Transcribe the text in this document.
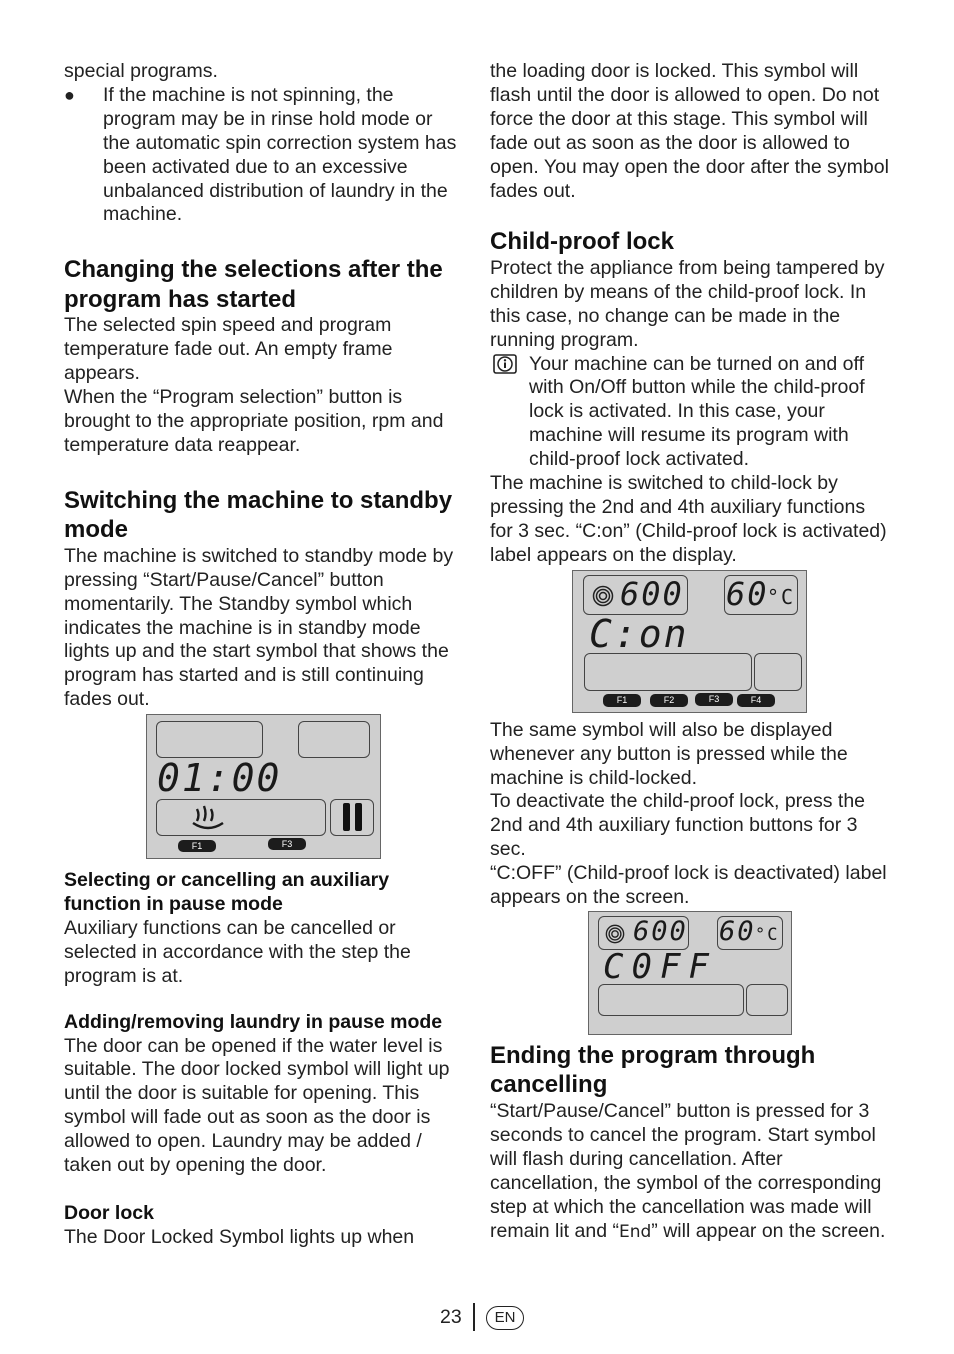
special programs.

● If the machine is not spinning, the program may be in rinse hold mode or the automatic spin correction system has been activated due to an excessive unbalanced distribution of laundry in the machine.

Changing the selections after the program has started

The selected spin speed and program temperature fade out. An empty frame appears.

When the “Program selection” button is brought to the appropriate position, rpm and temperature data reappear.

Switching the machine to standby mode

The machine is switched to standby mode by pressing “Start/Pause/Cancel” button momentarily. The Standby symbol which indicates the machine is in standby mode lights up and the start symbol that shows the program has started and is still continuing fades out.

01:00
F1	F3
Selecting or cancelling an auxiliary function in pause mode

Auxiliary functions can be cancelled or selected in accordance with the step the program is at.

Adding/removing laundry in pause mode

The door can be opened if the water level is suitable. The door locked symbol will light up until the door is suitable for opening. This symbol will fade out as soon as the door is allowed to open. Laundry may be added / taken out by opening the door.

Door lock

The Door Locked Symbol lights up when

the loading door is locked. This symbol will flash until the door is allowed to open. Do not force the door at this stage. This symbol will fade out as soon as the door is allowed to open. You may open the door after the symbol fades out.

Child-proof lock

Protect the appliance from being tampered by children by means of the child-proof lock. In this case, no change can be made in the running program.

Your machine can be turned on and off with On/Off button while the child-proof lock is activated. In this case, your machine will resume its program with child-proof lock activated.

The machine is switched to child-lock by pressing the 2nd and 4th auxiliary functions for 3 sec. “C:on” (Child-proof lock is activated) label appears on the display.

600 60
°C
C:on
F1	F2	F3	F4

The same symbol will also be displayed whenever any button is pressed while the machine is child-locked.

To deactivate the child-proof lock, press the 2nd and 4th auxiliary function buttons for 3 sec.

“C:OFF” (Child-proof lock is deactivated) label appears on the screen.

600 60 °C
C0FF
Ending the program through cancelling

“Start/Pause/Cancel” button is pressed for 3 seconds to cancel the program. Start symbol will flash during cancellation. After cancellation, the symbol of the corresponding step at which the cancellation was made will remain lit and “End” will appear on the screen.

23	EN
